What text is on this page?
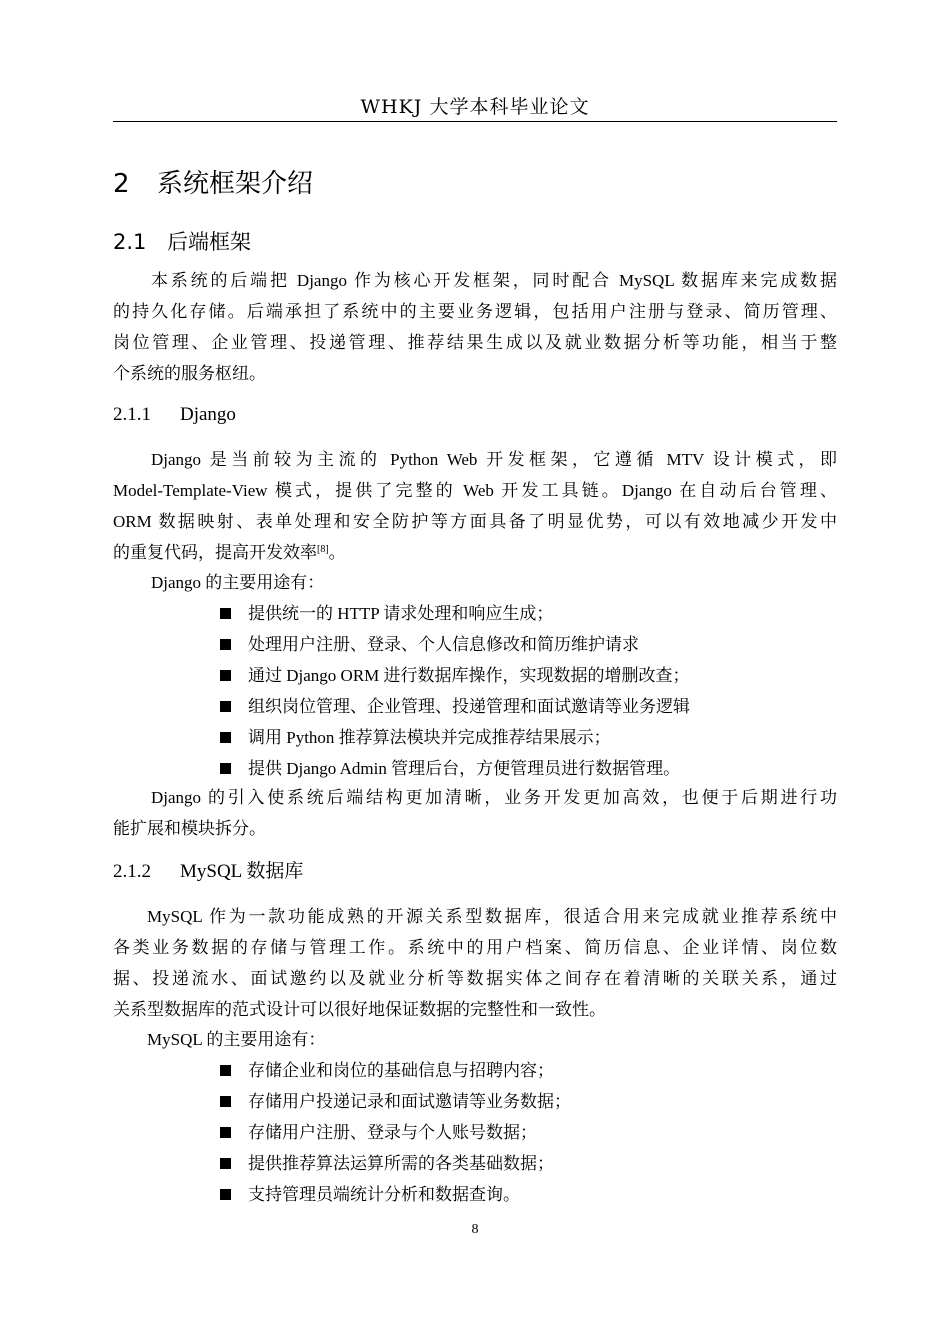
WHKJ 大学本科毕业论文
2 系统框架介绍
2.1 后端框架
本系统的后端把 Django 作为核心开发框架，同时配合 MySQL 数据库来完成数据
的持久化存储。后端承担了系统中的主要业务逻辑，包括用户注册与登录、简历管理、
岗位管理、企业管理、投递管理、推荐结果生成以及就业数据分析等功能，相当于整
个系统的服务枢纽。
2.1.1 Django
Django 是当前较为主流的 Python Web 开发框架，它遵循 MTV 设计模式，即
Model-Template-View 模式，提供了完整的 Web 开发工具链。Django 在自动后台管理、
ORM 数据映射、表单处理和安全防护等方面具备了明显优势，可以有效地减少开发中
的重复代码，提高开发效率[8]。
Django 的主要用途有：
提供统一的 HTTP 请求处理和响应生成；
处理用户注册、登录、个人信息修改和简历维护请求
通过 Django ORM 进行数据库操作，实现数据的增删改查；
组织岗位管理、企业管理、投递管理和面试邀请等业务逻辑
调用 Python 推荐算法模块并完成推荐结果展示；
提供 Django Admin 管理后台，方便管理员进行数据管理。
Django 的引入使系统后端结构更加清晰，业务开发更加高效，也便于后期进行功
能扩展和模块拆分。
2.1.2 MySQL 数据库
MySQL 作为一款功能成熟的开源关系型数据库，很适合用来完成就业推荐系统中
各类业务数据的存储与管理工作。系统中的用户档案、简历信息、企业详情、岗位数
据、投递流水、面试邀约以及就业分析等数据实体之间存在着清晰的关联关系，通过
关系型数据库的范式设计可以很好地保证数据的完整性和一致性。
MySQL 的主要用途有：
存储企业和岗位的基础信息与招聘内容；
存储用户投递记录和面试邀请等业务数据；
存储用户注册、登录与个人账号数据；
提供推荐算法运算所需的各类基础数据；
支持管理员端统计分析和数据查询。
8
